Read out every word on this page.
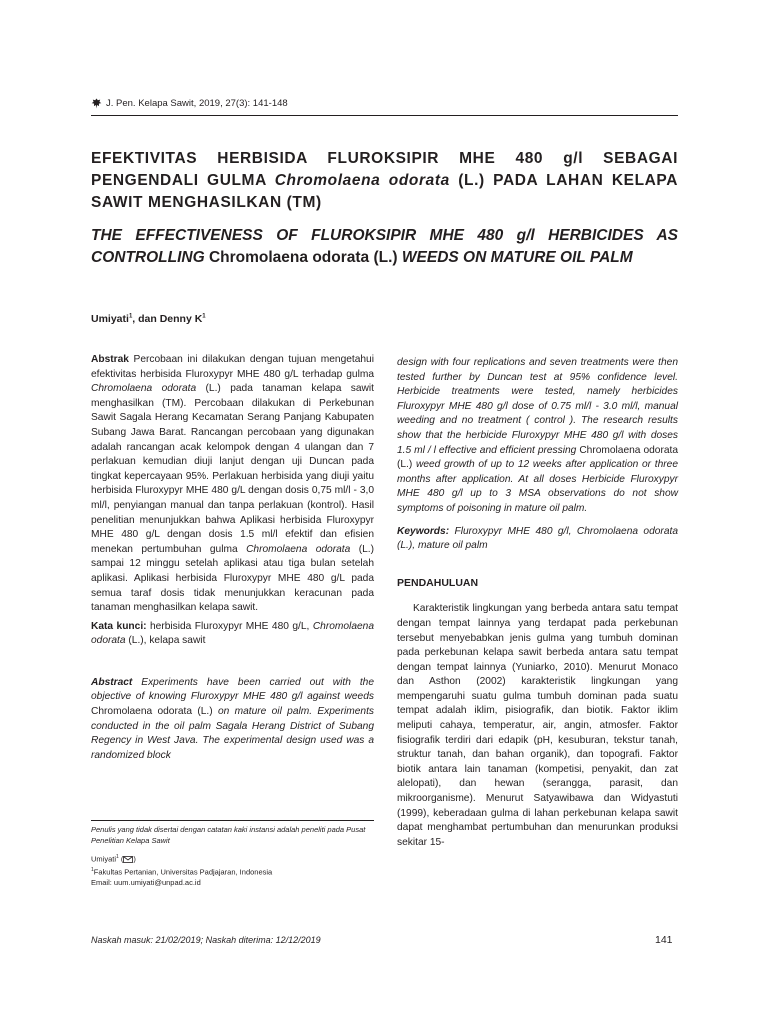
J. Pen. Kelapa Sawit, 2019, 27(3): 141-148
EFEKTIVITAS HERBISIDA FLUROKSIPIR MHE 480 g/l SEBAGAI PENGENDALI GULMA Chromolaena odorata (L.) PADA LAHAN KELAPA SAWIT MENGHASILKAN (TM)
THE EFFECTIVENESS OF FLUROKSIPIR MHE 480 g/l HERBICIDES AS CONTROLLING Chromolaena odorata (L.) WEEDS ON MATURE OIL PALM
Umiyati$^1$, dan Denny $K^1$

Abstrak Percobaan ini dilakukan dengan tujuan mengetahui efektivitas herbisida Fluroxypyr MHE 480 g/L terhadap gulma Chromolaena odorata (L.) pada tanaman kelapa sawit menghasilkan (TM). Percobaan dilakukan di Perkebunan Sawit Sagala Herang Kecamatan Serang Panjang Kabupaten Subang Jawa Barat. Rancangan percobaan yang digunakan adalah rancangan acak kelompok dengan 4 ulangan dan 7 perlakuan kemudian diuji lanjut dengan uji Duncan pada tingkat kepercayaan 95%. Perlakuan herbisida yang diuji yaitu herbisida Fluroxypyr MHE 480 g/L dengan dosis 0,75 ml/l - 3,0 ml/l, penyiangan manual dan tanpa perlakuan (kontrol). Hasil penelitian menunjukkan bahwa Aplikasi herbisida Fluroxypyr MHE 480 g/L dengan dosis 1.5 ml/l efektif dan efisien menekan pertumbuhan gulma Chromolaena odorata (L.) sampai 12 minggu setelah aplikasi atau tiga bulan setelah aplikasi. Aplikasi herbisida Fluroxypyr MHE 480 g/L pada semua taraf dosis tidak menunjukkan keracunan pada tanaman menghasilkan kelapa sawit.

Kata kunci: herbisida Fluroxypyr MHE 480 g/L, Chromolaena odorata (L.), kelapa sawit

Abstract Experiments have been carried out with the objective of knowing Fluroxypyr MHE 480 g/l against weeds Chromolaena odorata (L.) on mature oil palm. Experiments conducted in the oil palm Sagala Herang District of Subang Regency in West Java. The experimental design used was a randomized block

Penulis yang tidak disertai dengan catatan kaki instansi adalah peneliti pada Pusat Penelitian Kelapa Sawit
Umiyati$^1$ ( )
$^1$Fakultas Pertanian, Universitas Padjajaran, Indonesia
Email: uum.umiyati@unpad.ac.id

design with four replications and seven treatments were then tested further by Duncan test at 95% confidence level. Herbicide treatments were tested, namely herbicides Fluroxypyr MHE 480 g/l dose of 0.75 ml/l - 3.0 ml/l, manual weeding and no treatment ( control ). The research results show that the herbicide Fluroxypyr MHE 480 g/l with doses 1.5 ml / l effective and efficient pressing Chromolaena odorata (L.) weed growth of up to 12 weeks after application or three months after application. At all doses Herbicide Fluroxypyr MHE 480 g/l up to 3 MSA observations do not show symptoms of poisoning in mature oil palm.

Keywords: Fluroxypyr MHE 480 g/l, Chromolaena odorata (L.), mature oil palm

PENDAHULUAN

Karakteristik lingkungan yang berbeda antara satu tempat dengan tempat lainnya yang terdapat pada perkebunan tersebut menyebabkan jenis gulma yang tumbuh dominan pada perkebunan kelapa sawit berbeda antara satu tempat dengan tempat lainnya (Yuniarko, 2010). Menurut Monaco dan Asthon (2002) karakteristik lingkungan yang mempengaruhi suatu gulma tumbuh dominan pada suatu tempat adalah iklim, pisiografik, dan biotik. Faktor iklim meliputi cahaya, temperatur, air, angin, atmosfer. Faktor fisiografik terdiri dari edapik (pH, kesuburan, tekstur tanah, struktur tanah, dan bahan organik), dan topografi. Faktor biotik antara lain tanaman (kompetisi, penyakit, dan zat alelopati), dan hewan (serangga, parasit, dan mikroorganisme). Menurut Satyawibawa dan Widyastuti (1999), keberadaan gulma di lahan perkebunan kelapa sawit dapat menghambat pertumbuhan dan menurunkan produksi sekitar 15-

Naskah masuk: 21/02/2019; Naskah diterima: 12/12/2019	141
